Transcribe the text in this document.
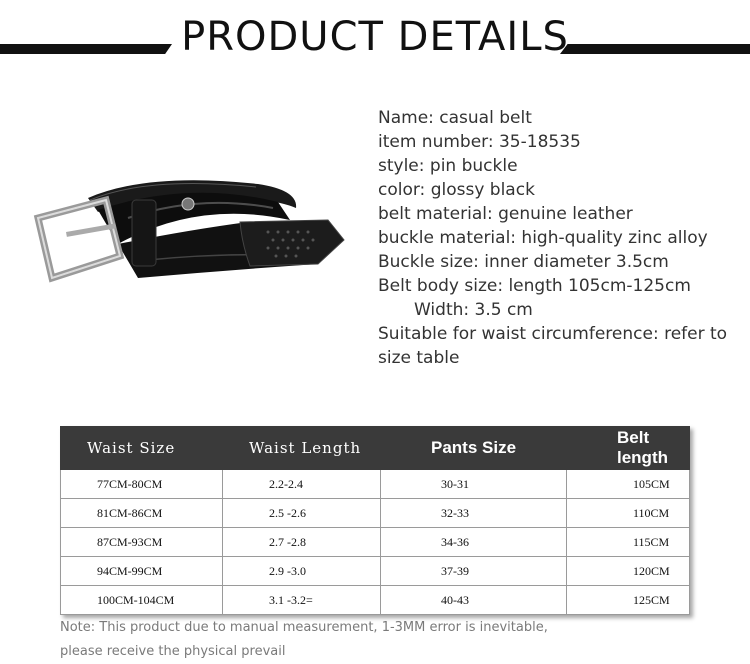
PRODUCT DETAILS
Name: casual belt
item number: 35-18535
style: pin buckle
color: glossy black
belt material: genuine leather
buckle material: high-quality zinc alloy
Buckle size: inner diameter 3.5cm
Belt body size: length 105cm-125cm
Width: 3.5 cm
Suitable for waist circumference: refer to size table
Waist Size	Waist Length	Pants Size	Belt length
77CM-80CM	2.2-2.4	30-31	105CM
81CM-86CM	2.5 -2.6	32-33	110CM
87CM-93CM	2.7 -2.8	34-36	115CM
94CM-99CM	2.9 -3.0	37-39	120CM
100CM-104CM	3.1 -3.2=	40-43	125CM
Note: This product due to manual measurement, 1-3MM error is inevitable,
please receive the physical prevail
